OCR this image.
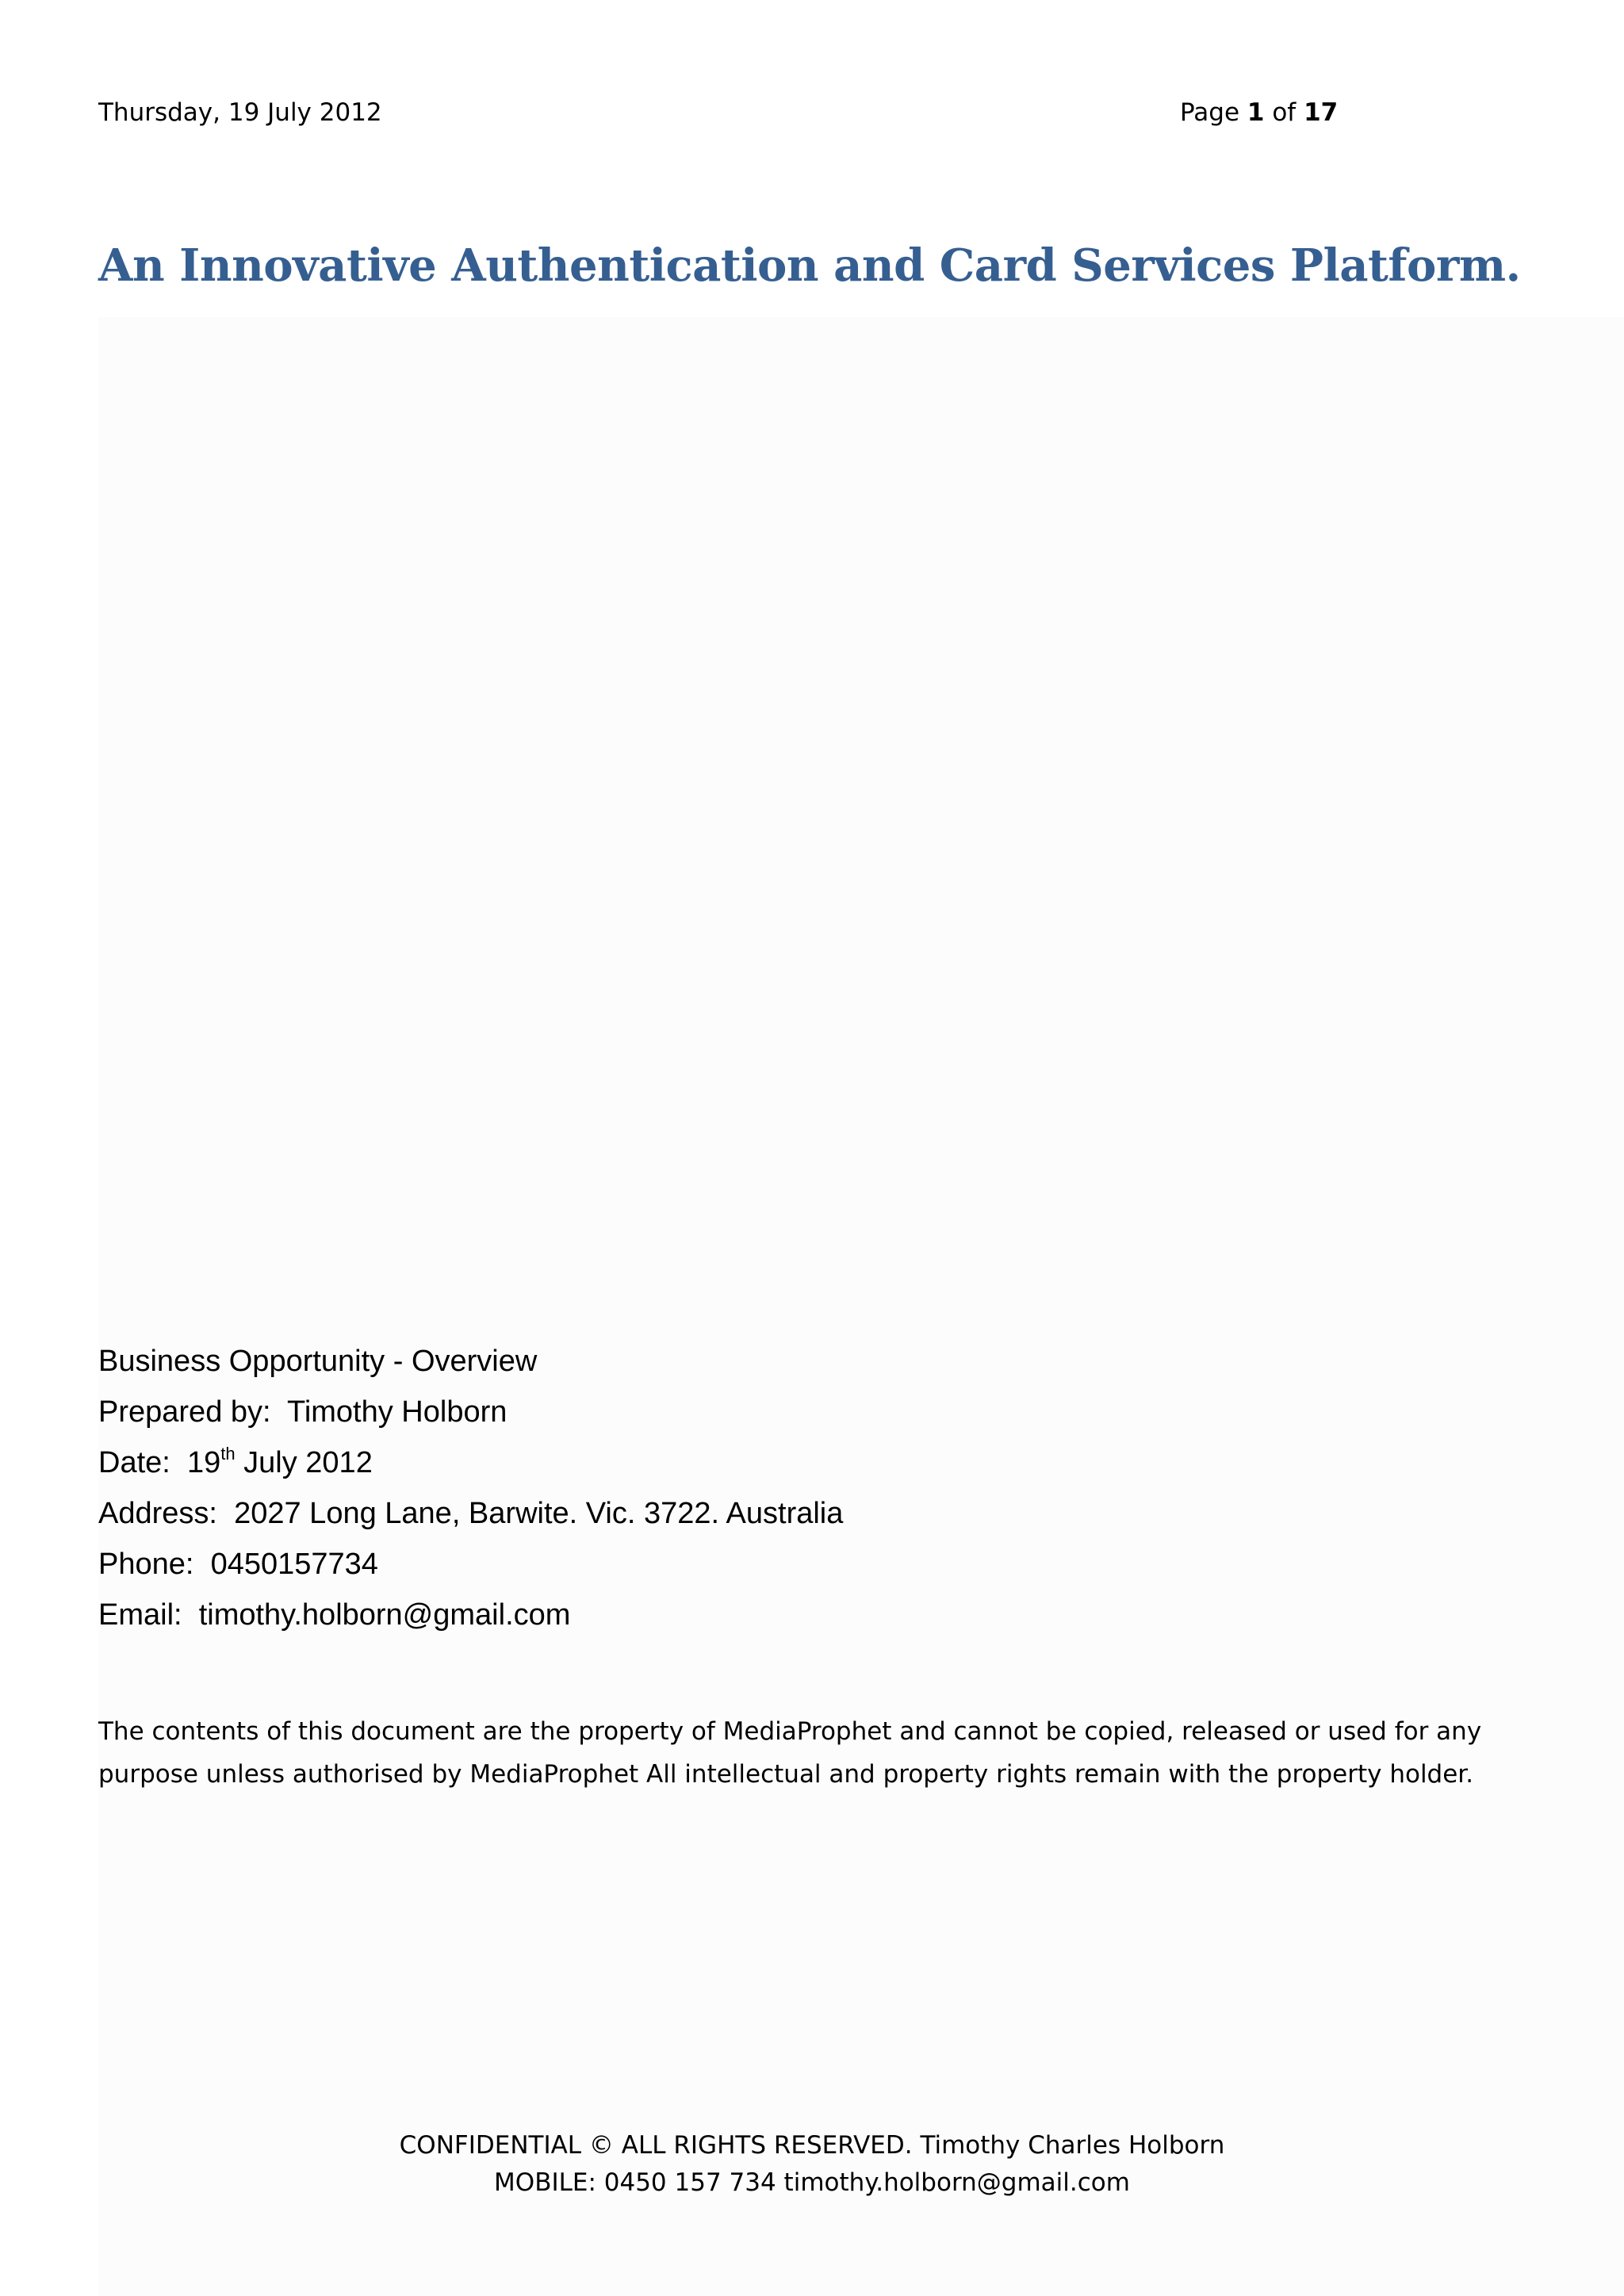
Thursday, 19 July 2012	Page 1 of 17
An Innovative Authentication and Card Services Platform.
Business Opportunity - Overview
Prepared by: Timothy Holborn
Date: 19th July 2012
Address: 2027 Long Lane, Barwite. Vic. 3722. Australia
Phone: 0450157734
Email: timothy.holborn@gmail.com
The contents of this document are the property of MediaProphet and cannot be copied, released or used for any
purpose unless authorised by MediaProphet All intellectual and property rights remain with the property holder.
CONFIDENTIAL © ALL RIGHTS RESERVED. Timothy Charles Holborn
MOBILE: 0450 157 734 timothy.holborn@gmail.com
